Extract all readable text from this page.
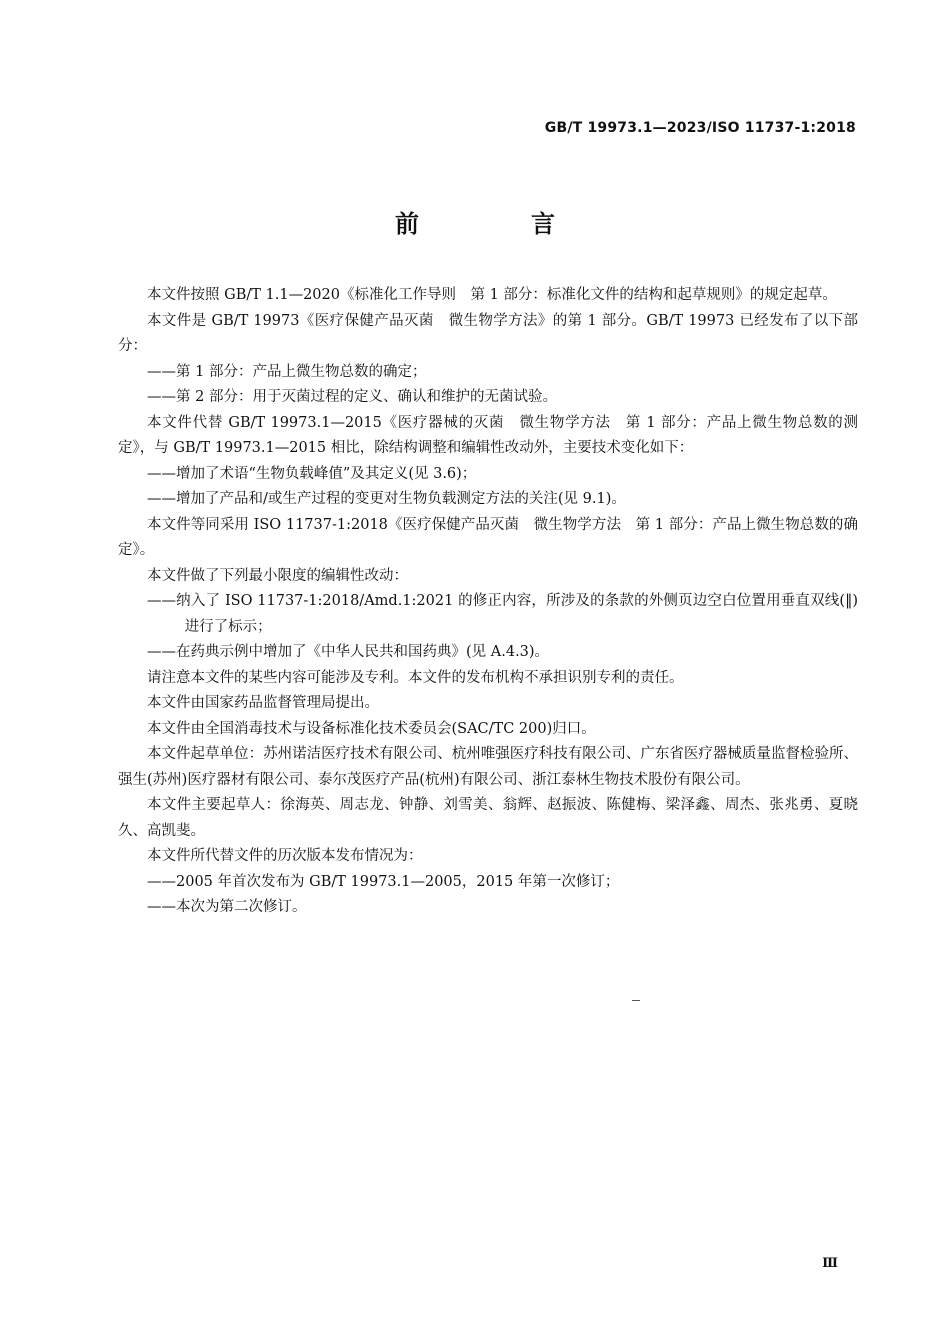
GB/T 19973.1—2023/ISO 11737-1:2018
前　言

本文件按照 GB/T 1.1—2020《标准化工作导则　第 1 部分：标准化文件的结构和起草规则》的规定起草。

本文件是 GB/T 19973《医疗保健产品灭菌　微生物学方法》的第 1 部分。GB/T 19973 已经发布了以下部分：

——第 1 部分：产品上微生物总数的确定；

——第 2 部分：用于灭菌过程的定义、确认和维护的无菌试验。

本文件代替 GB/T 19973.1—2015《医疗器械的灭菌　微生物学方法　第 1 部分：产品上微生物总数的测定》，与 GB/T 19973.1—2015 相比，除结构调整和编辑性改动外，主要技术变化如下：

——增加了术语“生物负载峰值”及其定义(见 3.6)；

——增加了产品和/或生产过程的变更对生物负载测定方法的关注(见 9.1)。

本文件等同采用 ISO 11737-1:2018《医疗保健产品灭菌　微生物学方法　第 1 部分：产品上微生物总数的确定》。

本文件做了下列最小限度的编辑性改动：

——纳入了 ISO 11737-1:2018/Amd.1:2021 的修正内容，所涉及的条款的外侧页边空白位置用垂直双线(‖)进行了标示；

——在药典示例中增加了《中华人民共和国药典》(见 A.4.3)。

请注意本文件的某些内容可能涉及专利。本文件的发布机构不承担识别专利的责任。

本文件由国家药品监督管理局提出。

本文件由全国消毒技术与设备标准化技术委员会(SAC/TC 200)归口。

本文件起草单位：苏州诺洁医疗技术有限公司、杭州唯强医疗科技有限公司、广东省医疗器械质量监督检验所、强生(苏州)医疗器材有限公司、泰尔茂医疗产品(杭州)有限公司、浙江泰林生物技术股份有限公司。

本文件主要起草人：徐海英、周志龙、钟静、刘雪美、翁辉、赵振波、陈健梅、梁泽鑫、周杰、张兆勇、夏晓久、高凯斐。

本文件所代替文件的历次版本发布情况为：

——2005 年首次发布为 GB/T 19973.1—2005，2015 年第一次修订；

——本次为第二次修订。

Ⅲ
